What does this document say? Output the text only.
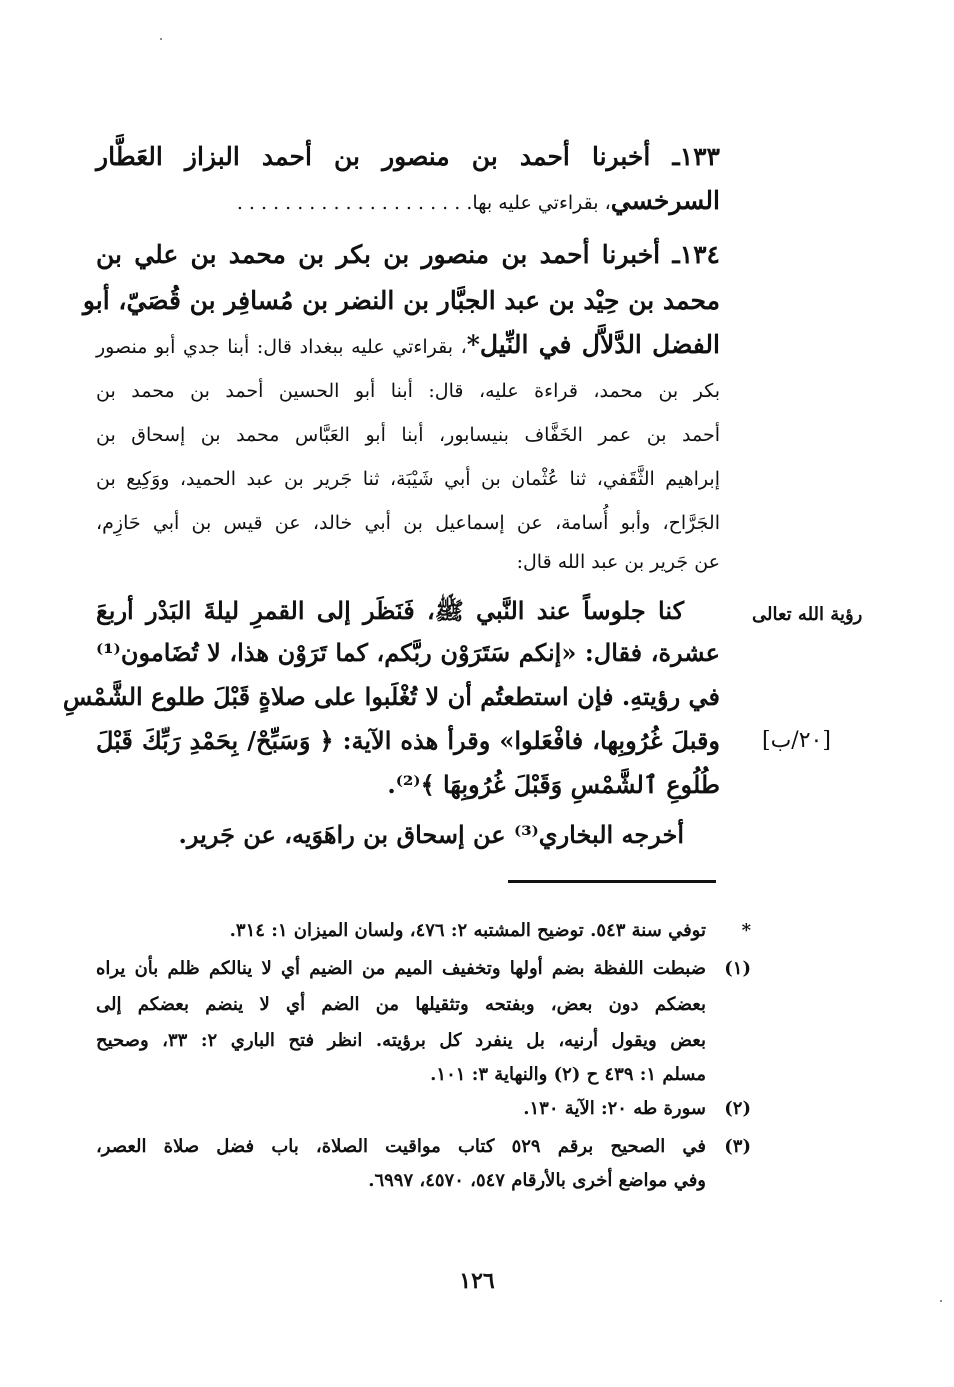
١٣٣ـ أخبرنا أحمد بن منصور بن أحمد البزاز العَطَّار
السرخسي، بقراءتي عليه بها. . . . . . . . . . . . . . . . . . . .
١٣٤ـ أخبرنا أحمد بن منصور بن بكر بن محمد بن علي بن
محمد بن حِيْد بن عبد الجبَّار بن النضر بن مُسافِر بن قُصَيّ، أبو
الفضل الدَّلاَّل في النِّيل*، بقراءتي عليه ببغداد قال: أبنا جدي أبو منصور
بكر بن محمد، قراءة عليه، قال: أبنا أبو الحسين أحمد بن محمد بن
أحمد بن عمر الخَفَّاف بنيسابور، أبنا أبو العَبَّاس محمد بن إسحاق بن
إبراهيم الثَّقَفي، ثنا عُثْمان بن أبي شَيْبَة، ثنا جَرير بن عبد الحميد، ووَكِيع بن
الجَرَّاح، وأبو أُسامة، عن إسماعيل بن أبي خالد، عن قيس بن أبي حَازِم،
عن جَرير بن عبد الله قال:
كنا جلوساً عند النَّبي ﷺ، فَنَظَر إلى القمرِ ليلةَ البَدْر أربعَ
عشرة، فقال: «إنكم سَتَرَوْن ربَّكم، كما تَرَوْن هذا، لا تُضَامون⁽¹⁾
في رؤيتهِ. فإن استطعتُم أن لا تُغْلَبوا على صلاةٍ قَبْلَ طلوع الشَّمْسِ
وقبلَ غُرُوبِها، فافْعَلوا» وقرأ هذه الآية: ﴿ وَسَبِّحْ/ بِحَمْدِ رَبِّكَ قَبْلَ
طُلُوعِ ٱلشَّمْسِ وَقَبْلَ غُرُوبِهَا ﴾⁽²⁾.
أخرجه البخاري⁽³⁾ عن إسحاق بن راهَوَيه، عن جَرير.
رؤية الله تعالى
[٢٠/ب]
*
توفي سنة ٥٤٣. توضيح المشتبه ٢: ٤٧٦، ولسان الميزان ١: ٣١٤.
(١)
ضبطت اللفظة بضم أولها وتخفيف الميم من الضيم أي لا ينالكم ظلم بأن يراه
بعضكم دون بعض، وبفتحه وتثقيلها من الضم أي لا ينضم بعضكم إلى
بعض ويقول أرنيه، بل ينفرد كل برؤيته. انظر فتح الباري ٢: ٣٣، وصحيح
مسلم ١: ٤٣٩ ح (٢) والنهاية ٣: ١٠١.
(٢)
سورة طه ٢٠: الآية ١٣٠.
(٣)
في الصحيح برقم ٥٢٩ كتاب مواقيت الصلاة، باب فضل صلاة العصر،
وفي مواضع أخرى بالأرقام ٥٤٧، ٤٥٧٠، ٦٩٩٧.
١٢٦
